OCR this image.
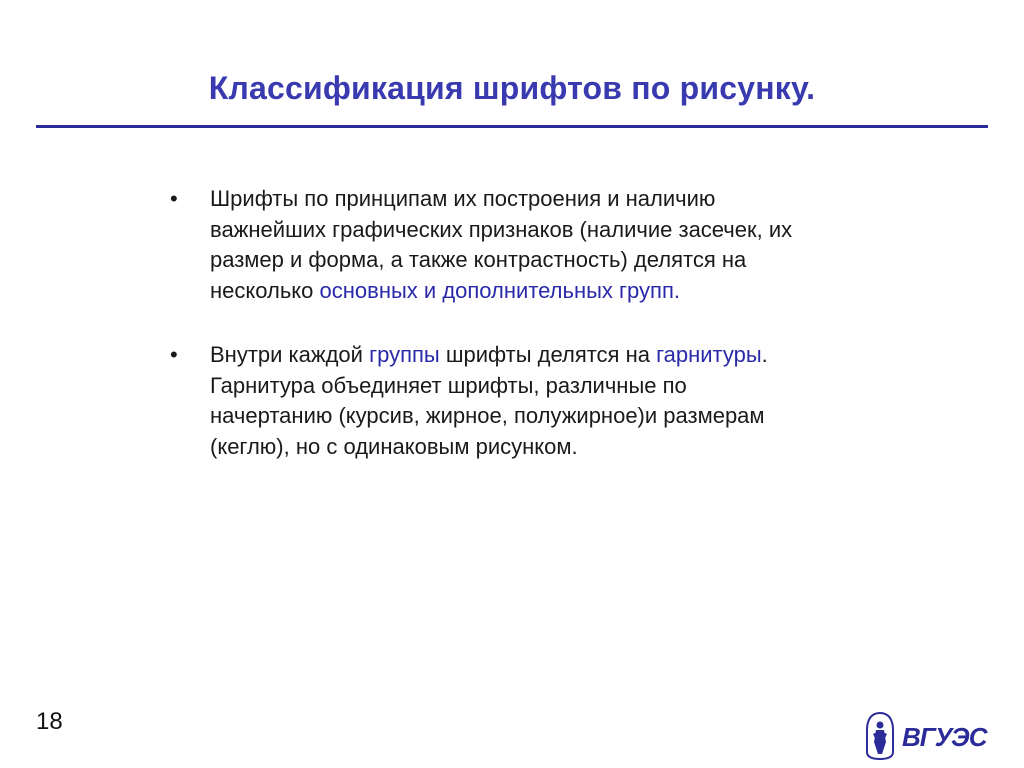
Классификация шрифтов по рисунку.
• Шрифты по принципам их построения и наличию важнейших графических признаков (наличие засечек, их размер и форма, а также контрастность) делятся на несколько основных и дополнительных групп.
• Внутри каждой группы шрифты делятся на гарнитуры. Гарнитура объединяет шрифты, различные по начертанию (курсив, жирное, полужирное)и размерам (кеглю), но с одинаковым рисунком.
18
ВГУЭС
